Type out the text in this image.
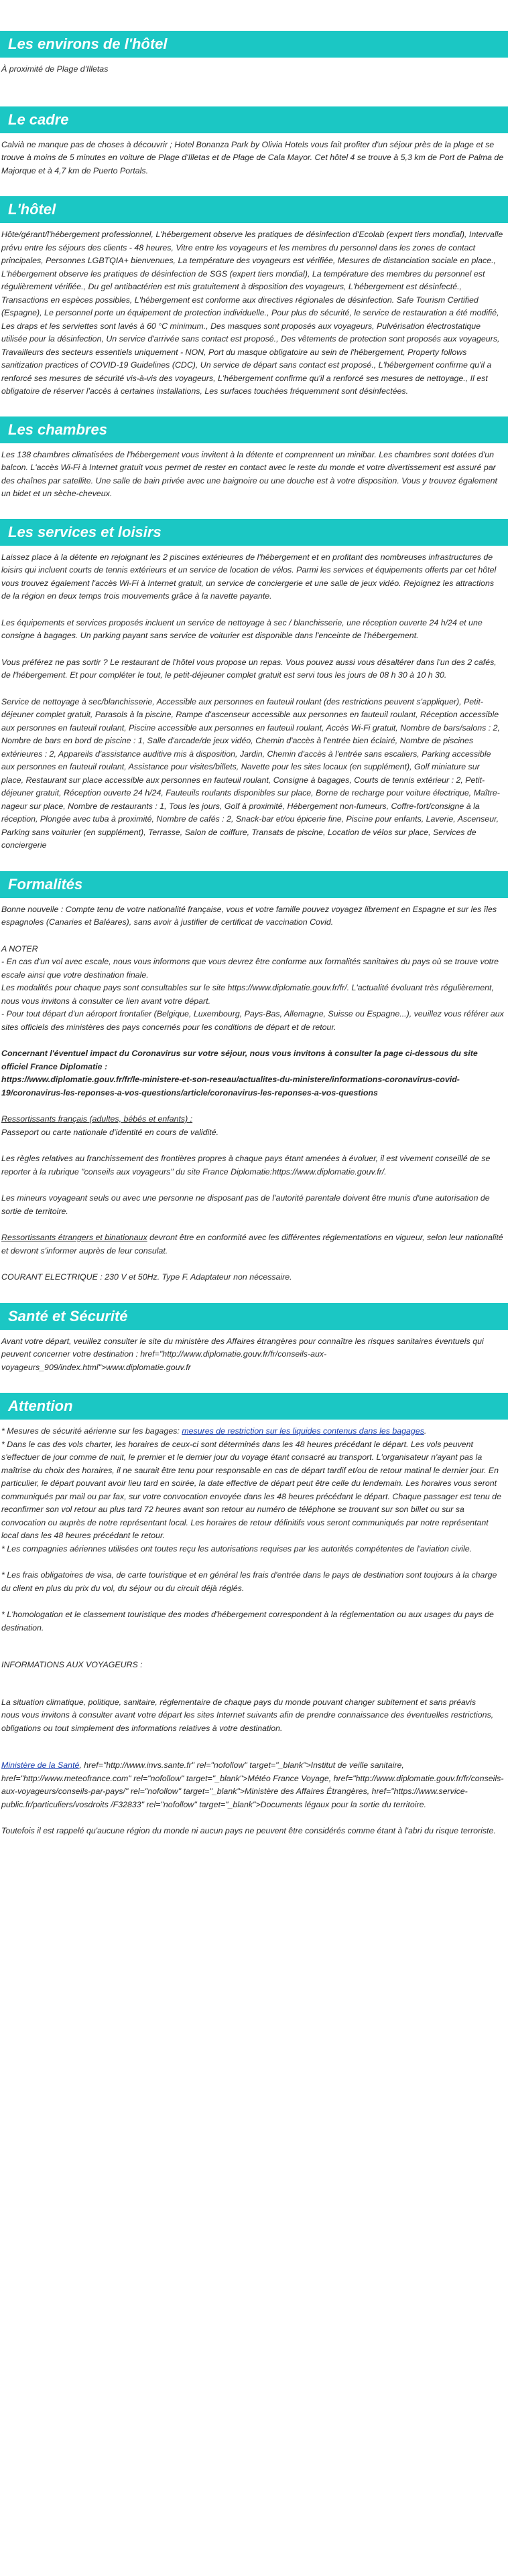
Les environs de l'hôtel

À proximité de Plage d'Illetas

Le cadre

Calvià ne manque pas de choses à découvrir ; Hotel Bonanza Park by Olivia Hotels vous fait profiter d'un séjour près de la plage et se trouve à moins de 5 minutes en voiture de Plage d'Illetas et de Plage de Cala Mayor. Cet hôtel 4 se trouve à 5,3 km de Port de Palma de Majorque et à 4,7 km de Puerto Portals.

L'hôtel

Hôte/gérant/l'hébergement professionnel, L'hébergement observe les pratiques de désinfection d'Ecolab (expert tiers mondial), Intervalle prévu entre les séjours des clients - 48 heures, Vitre entre les voyageurs et les membres du personnel dans les zones de contact principales, Personnes LGBTQIA+ bienvenues, La température des voyageurs est vérifiée, Mesures de distanciation sociale en place., L'hébergement observe les pratiques de désinfection de SGS (expert tiers mondial), La température des membres du personnel est régulièrement vérifiée., Du gel antibactérien est mis gratuitement à disposition des voyageurs, L'hébergement est désinfecté., Transactions en espèces possibles, L'hébergement est conforme aux directives régionales de désinfection. Safe Tourism Certified (Espagne), Le personnel porte un équipement de protection individuelle., Pour plus de sécurité, le service de restauration a été modifié, Les draps et les serviettes sont lavés à 60 °C minimum., Des masques sont proposés aux voyageurs, Pulvérisation électrostatique utilisée pour la désinfection, Un service d'arrivée sans contact est proposé., Des vêtements de protection sont proposés aux voyageurs, Travailleurs des secteurs essentiels uniquement - NON, Port du masque obligatoire au sein de l'hébergement, Property follows sanitization practices of COVID-19 Guidelines (CDC), Un service de départ sans contact est proposé., L'hébergement confirme qu'il a renforcé ses mesures de sécurité vis-à-vis des voyageurs, L'hébergement confirme qu'il a renforcé ses mesures de nettoyage., Il est obligatoire de réserver l'accès à certaines installations, Les surfaces touchées fréquemment sont désinfectées.

Les chambres

Les 138 chambres climatisées de l'hébergement vous invitent à la détente et comprennent un minibar. Les chambres sont dotées d'un balcon. L'accès Wi-Fi à Internet gratuit vous permet de rester en contact avec le reste du monde et votre divertissement est assuré par des chaînes par satellite. Une salle de bain privée avec une baignoire ou une douche est à votre disposition. Vous y trouvez également un bidet et un sèche-cheveux.

Les services et loisirs

Laissez place à la détente en rejoignant les 2 piscines extérieures de l'hébergement et en profitant des nombreuses infrastructures de loisirs qui incluent courts de tennis extérieurs et un service de location de vélos. Parmi les services et équipements offerts par cet hôtel vous trouvez également l'accès Wi-Fi à Internet gratuit, un service de conciergerie et une salle de jeux vidéo. Rejoignez les attractions de la région en deux temps trois mouvements grâce à la navette payante.

Les équipements et services proposés incluent un service de nettoyage à sec / blanchisserie, une réception ouverte 24 h/24 et une consigne à bagages. Un parking payant sans service de voiturier est disponible dans l'enceinte de l'hébergement.

Vous préférez ne pas sortir ? Le restaurant de l'hôtel vous propose un repas. Vous pouvez aussi vous désaltérer dans l'un des 2 cafés, de l'hébergement. Et pour compléter le tout, le petit-déjeuner complet gratuit est servi tous les jours de 08 h 30 à 10 h 30.

Service de nettoyage à sec/blanchisserie, Accessible aux personnes en fauteuil roulant (des restrictions peuvent s'appliquer), Petit-déjeuner complet gratuit, Parasols à la piscine, Rampe d'ascenseur accessible aux personnes en fauteuil roulant, Réception accessible aux personnes en fauteuil roulant, Piscine accessible aux personnes en fauteuil roulant, Accès Wi-Fi gratuit, Nombre de bars/salons : 2, Nombre de bars en bord de piscine : 1, Salle d'arcade/de jeux vidéo, Chemin d'accès à l'entrée bien éclairé, Nombre de piscines extérieures : 2, Appareils d'assistance auditive mis à disposition, Jardin, Chemin d'accès à l'entrée sans escaliers, Parking accessible aux personnes en fauteuil roulant, Assistance pour visites/billets, Navette pour les sites locaux (en supplément), Golf miniature sur place, Restaurant sur place accessible aux personnes en fauteuil roulant, Consigne à bagages, Courts de tennis extérieur : 2, Petit-déjeuner gratuit, Réception ouverte 24 h/24, Fauteuils roulants disponibles sur place, Borne de recharge pour voiture électrique, Maître-nageur sur place, Nombre de restaurants : 1, Tous les jours, Golf à proximité, Hébergement non-fumeurs, Coffre-fort/consigne à la réception, Plongée avec tuba à proximité, Nombre de cafés : 2, Snack-bar et/ou épicerie fine, Piscine pour enfants, Laverie, Ascenseur, Parking sans voiturier (en supplément), Terrasse, Salon de coiffure, Transats de piscine, Location de vélos sur place, Services de conciergerie

Formalités

Bonne nouvelle : Compte tenu de votre nationalité française, vous et votre famille pouvez voyagez librement en Espagne et sur les îles espagnoles (Canaries et Baléares), sans avoir à justifier de certificat de vaccination Covid.

A NOTER

- En cas d'un vol avec escale, nous vous informons que vous devrez être conforme aux formalités sanitaires du pays où se trouve votre escale ainsi que votre destination finale.

Les modalités pour chaque pays sont consultables sur le site https://www.diplomatie.gouv.fr/fr/. L'actualité évoluant très régulièrement, nous vous invitons à consulter ce lien avant votre départ.

- Pour tout départ d'un aéroport frontalier (Belgique, Luxembourg, Pays-Bas, Allemagne, Suisse ou Espagne...), veuillez vous référer aux sites officiels des ministères des pays concernés pour les conditions de départ et de retour.

Concernant l'éventuel impact du Coronavirus sur votre séjour, nous vous invitons à consulter la page ci-dessous du site officiel France Diplomatie :

https://www.diplomatie.gouv.fr/fr/le-ministere-et-son-reseau/actualites-du-ministere/informations-coronavirus-covid-19/coronavirus-les-reponses-a-vos-questions/article/coronavirus-les-reponses-a-vos-questions

Ressortissants français (adultes, bébés et enfants) :

Passeport ou carte nationale d'identité en cours de validité.

Les règles relatives au franchissement des frontières propres à chaque pays étant amenées à évoluer, il est vivement conseillé de se reporter à la rubrique "conseils aux voyageurs" du site France Diplomatie:https://www.diplomatie.gouv.fr/.

Les mineurs voyageant seuls ou avec une personne ne disposant pas de l'autorité parentale doivent être munis d'une autorisation de sortie de territoire.

Ressortissants étrangers et binationaux devront être en conformité avec les différentes réglementations en vigueur, selon leur nationalité et devront s'informer auprès de leur consulat.

COURANT ELECTRIQUE : 230 V et 50Hz. Type F. Adaptateur non nécessaire.

Santé et Sécurité

Avant votre départ, veuillez consulter le site du ministère des Affaires étrangères pour connaître les risques sanitaires éventuels qui peuvent concerner votre destination : href="http://www.diplomatie.gouv.fr/fr/conseils-aux-voyageurs_909/index.html">www.diplomatie.gouv.fr

Attention

* Mesures de sécurité aérienne sur les bagages: mesures de restriction sur les liquides contenus dans les bagages.

* Dans le cas des vols charter, les horaires de ceux-ci sont déterminés dans les 48 heures précédant le départ. Les vols peuvent s'effectuer de jour comme de nuit, le premier et le dernier jour du voyage étant consacré au transport. L'organisateur n'ayant pas la maîtrise du choix des horaires, il ne saurait être tenu pour responsable en cas de départ tardif et/ou de retour matinal le dernier jour. En particulier, le départ pouvant avoir lieu tard en soirée, la date effective de départ peut être celle du lendemain. Les horaires vous seront communiqués par mail ou par fax, sur votre convocation envoyée dans les 48 heures précédant le départ. Chaque passager est tenu de reconfirmer son vol retour au plus tard 72 heures avant son retour au numéro de téléphone se trouvant sur son billet ou sur sa convocation ou auprès de notre représentant local. Les horaires de retour définitifs vous seront communiqués par notre représentant local dans les 48 heures précédant le retour.

* Les compagnies aériennes utilisées ont toutes reçu les autorisations requises par les autorités compétentes de l'aviation civile.

* Les frais obligatoires de visa, de carte touristique et en général les frais d'entrée dans le pays de destination sont toujours à la charge du client en plus du prix du vol, du séjour ou du circuit déjà réglés.

* L'homologation et le classement touristique des modes d'hébergement correspondent à la réglementation ou aux usages du pays de destination.

INFORMATIONS AUX VOYAGEURS :

La situation climatique, politique, sanitaire, réglementaire de chaque pays du monde pouvant changer subitement et sans préavis

nous vous invitons à consulter avant votre départ les sites Internet suivants afin de prendre connaissance des éventuelles restrictions, obligations ou tout simplement des informations relatives à votre destination.

Ministère de la Santé, href="http://www.invs.sante.fr" rel="nofollow" target="_blank">Institut de veille sanitaire, href="http://www.meteofrance.com" rel="nofollow" target="_blank">Météo France Voyage, href="http://www.diplomatie.gouv.fr/fr/conseils-aux-voyageurs/conseils-par-pays/" rel="nofollow" target="_blank">Ministère des Affaires Étrangères, href="https://www.service-public.fr/particuliers/vosdroits /F32833" rel="nofollow" target="_blank">Documents légaux pour la sortie du territoire.

Toutefois il est rappelé qu'aucune région du monde ni aucun pays ne peuvent être considérés comme étant à l'abri du risque terroriste.
